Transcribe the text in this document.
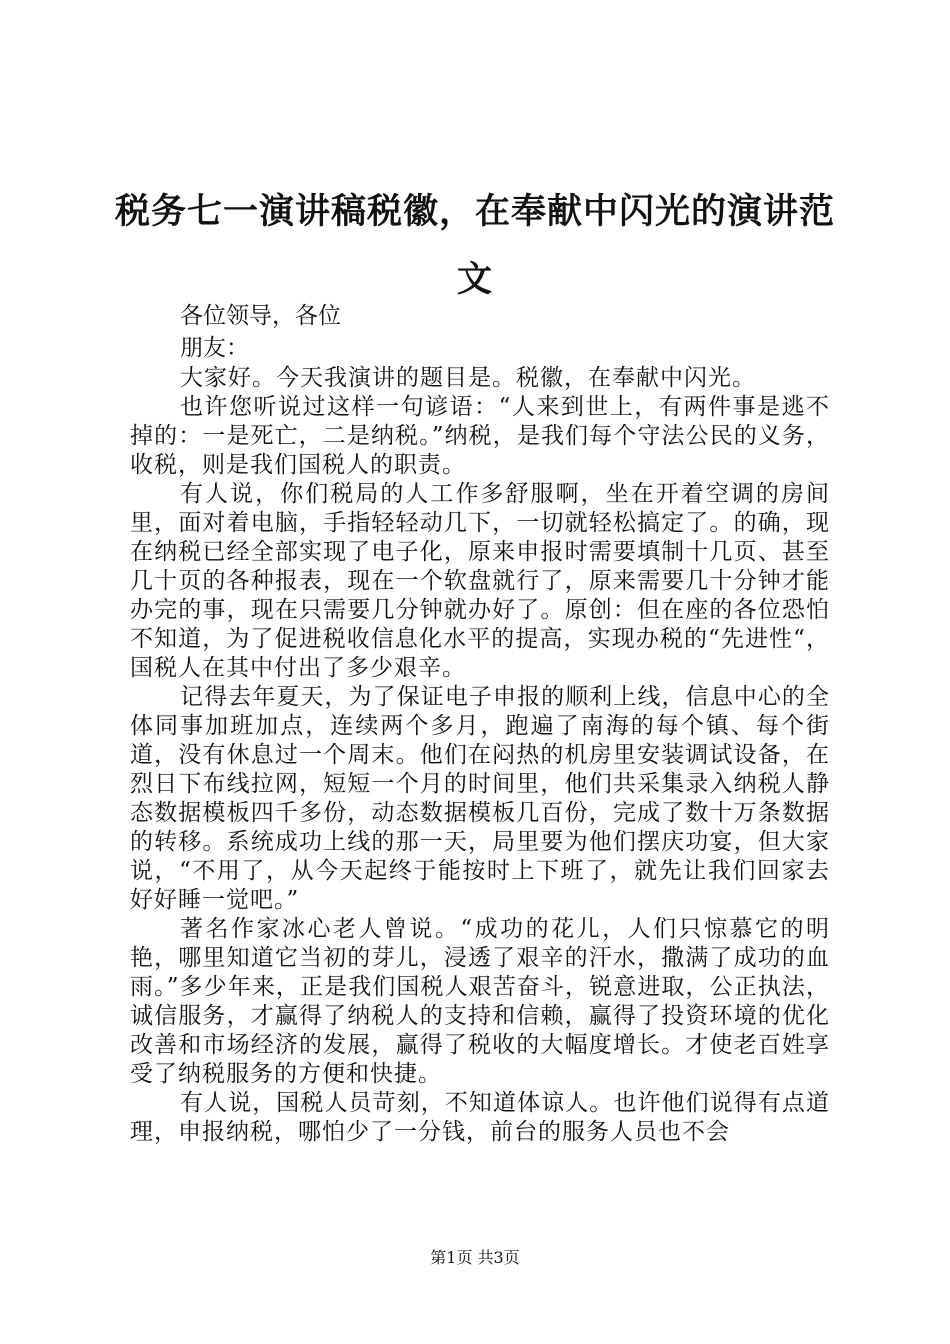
税务七一演讲稿税徽，在奉献中闪光的演讲范文
各位领导，各位
朋友：

大家好。今天我演讲的题目是。税徽，在奉献中闪光。

也许您听说过这样一句谚语：“人来到世上，有两件事是逃不掉的：一是死亡，二是纳税。”纳税，是我们每个守法公民的义务，收税，则是我们国税人的职责。

有人说，你们税局的人工作多舒服啊，坐在开着空调的房间里，面对着电脑，手指轻轻动几下，一切就轻松搞定了。的确，现在纳税已经全部实现了电子化，原来申报时需要填制十几页、甚至几十页的各种报表，现在一个软盘就行了，原来需要几十分钟才能办完的事，现在只需要几分钟就办好了。原创：但在座的各位恐怕不知道，为了促进税收信息化水平的提高，实现办税的“先进性“，国税人在其中付出了多少艰辛。

记得去年夏天，为了保证电子申报的顺利上线，信息中心的全体同事加班加点，连续两个多月，跑遍了南海的每个镇、每个街道，没有休息过一个周末。他们在闷热的机房里安装调试设备，在烈日下布线拉网，短短一个月的时间里，他们共采集录入纳税人静态数据模板四千多份，动态数据模板几百份，完成了数十万条数据的转移。系统成功上线的那一天，局里要为他们摆庆功宴，但大家说，“不用了，从今天起终于能按时上下班了，就先让我们回家去好好睡一觉吧。”

著名作家冰心老人曾说。“成功的花儿，人们只惊慕它的明艳，哪里知道它当初的芽儿，浸透了艰辛的汗水，撒满了成功的血雨。”多少年来，正是我们国税人艰苦奋斗，锐意进取，公正执法，诚信服务，才赢得了纳税人的支持和信赖，赢得了投资环境的优化改善和市场经济的发展，赢得了税收的大幅度增长。才使老百姓享受了纳税服务的方便和快捷。

有人说，国税人员苛刻，不知道体谅人。也许他们说得有点道理，申报纳税，哪怕少了一分钱，前台的服务人员也不会

第1页 共3页
